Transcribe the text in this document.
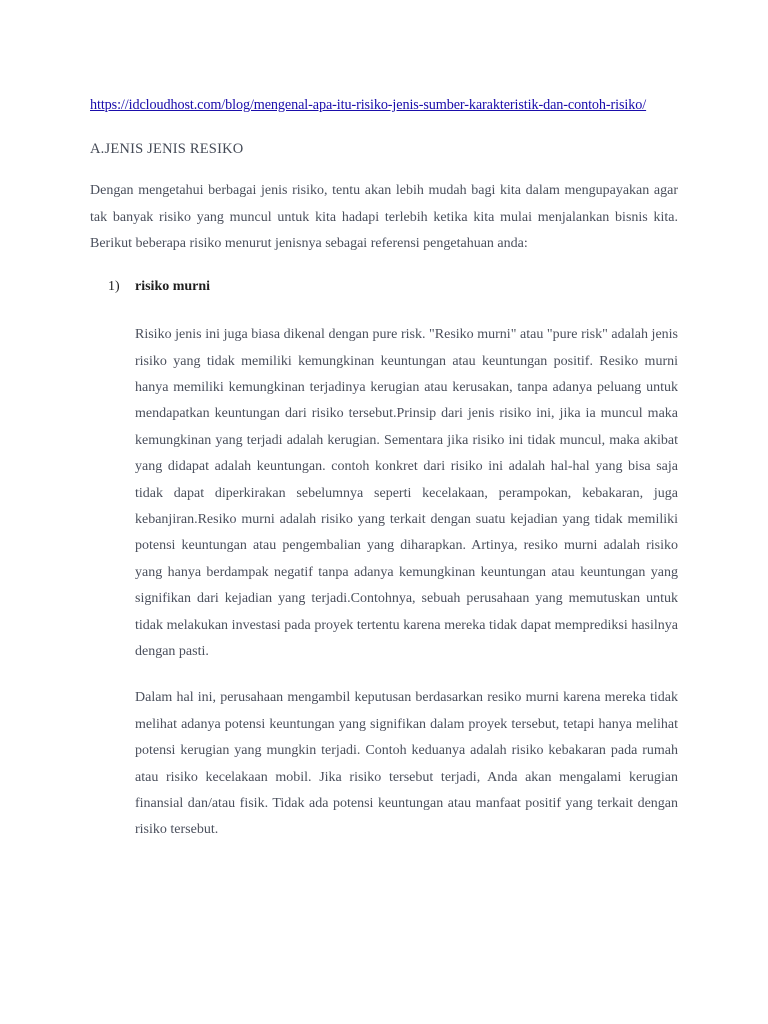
https://idcloudhost.com/blog/mengenal-apa-itu-risiko-jenis-sumber-karakteristik-dan-contoh-risiko/
A.JENIS JENIS RESIKO

Dengan mengetahui berbagai jenis risiko, tentu akan lebih mudah bagi kita dalam mengupayakan agar tak banyak risiko yang muncul untuk kita hadapi terlebih ketika kita mulai menjalankan bisnis kita. Berikut beberapa risiko menurut jenisnya sebagai referensi pengetahuan anda:

1)	risiko murni

Risiko jenis ini juga biasa dikenal dengan pure risk. "Resiko murni" atau "pure risk" adalah jenis risiko yang tidak memiliki kemungkinan keuntungan atau keuntungan positif. Resiko murni hanya memiliki kemungkinan terjadinya kerugian atau kerusakan, tanpa adanya peluang untuk mendapatkan keuntungan dari risiko tersebut.Prinsip dari jenis risiko ini, jika ia muncul maka kemungkinan yang terjadi adalah kerugian. Sementara jika risiko ini tidak muncul, maka akibat yang didapat adalah keuntungan. contoh konkret dari risiko ini adalah hal-hal yang bisa saja tidak dapat diperkirakan sebelumnya seperti kecelakaan, perampokan, kebakaran, juga kebanjiran.Resiko murni adalah risiko yang terkait dengan suatu kejadian yang tidak memiliki potensi keuntungan atau pengembalian yang diharapkan. Artinya, resiko murni adalah risiko yang hanya berdampak negatif tanpa adanya kemungkinan keuntungan atau keuntungan yang signifikan dari kejadian yang terjadi.Contohnya, sebuah perusahaan yang memutuskan untuk tidak melakukan investasi pada proyek tertentu karena mereka tidak dapat memprediksi hasilnya dengan pasti.

Dalam hal ini, perusahaan mengambil keputusan berdasarkan resiko murni karena mereka tidak melihat adanya potensi keuntungan yang signifikan dalam proyek tersebut, tetapi hanya melihat potensi kerugian yang mungkin terjadi. Contoh keduanya adalah risiko kebakaran pada rumah atau risiko kecelakaan mobil. Jika risiko tersebut terjadi, Anda akan mengalami kerugian finansial dan/atau fisik. Tidak ada potensi keuntungan atau manfaat positif yang terkait dengan risiko tersebut.
